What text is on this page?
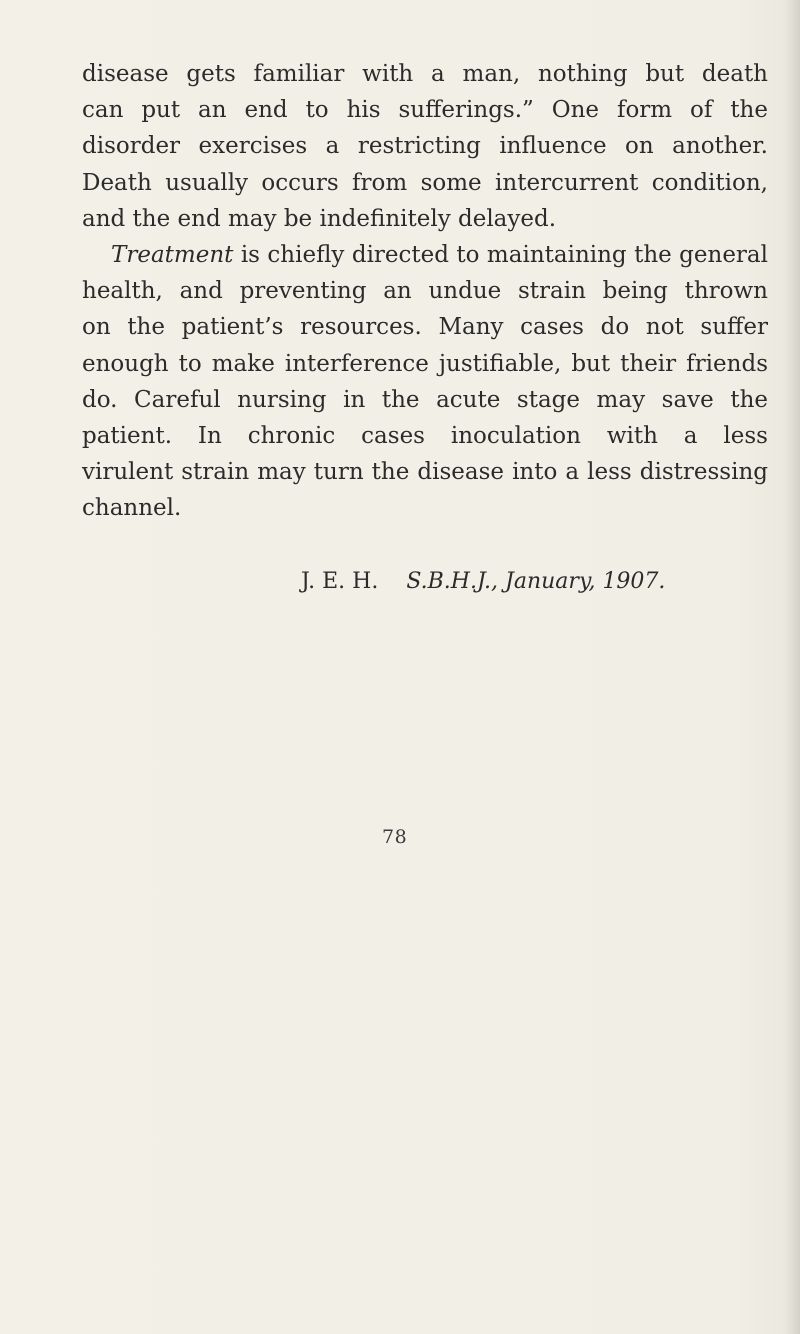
disease gets familiar with a man, nothing but death
can put an end to his sufferings.” One form of the
disorder exercises a restricting influence on another.
Death usually occurs from some intercurrent condition,
and the end may be indefinitely delayed.
Treatment is chiefly directed to maintaining the general
health, and preventing an undue strain being thrown
on the patient’s resources. Many cases do not suffer
enough to make interference justifiable, but their friends
do. Careful nursing in the acute stage may save the
patient. In chronic cases inoculation with a less
virulent strain may turn the disease into a less distressing
channel.
J. E. H. S.B.H.J., January, 1907.
78
